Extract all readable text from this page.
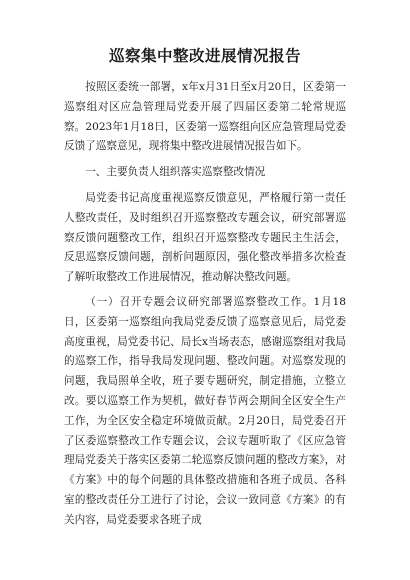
巡察集中整改进展情况报告

按照区委统一部署，x年x月31日至x月20日，区委第一巡察组对区应急管理局党委开展了四届区委第二轮常规巡察。2023年1月18日，区委第一巡察组向区应急管理局党委反馈了巡察意见，现将集中整改进展情况报告如下。

一、主要负责人组织落实巡察整改情况

局党委书记高度重视巡察反馈意见，严格履行第一责任人整改责任，及时组织召开巡察整改专题会议，研究部署巡察反馈问题整改工作，组织召开巡察整改专题民主生活会，反思巡察反馈问题，剖析问题原因，强化整改举措多次检查了解听取整改工作进展情况，推动解决整改问题。

（一）召开专题会议研究部署巡察整改工作。1月18日，区委第一巡察组向我局党委反馈了巡察意见后，局党委高度重视，局党委书记、局长x当场表态，感谢巡察组对我局的巡察工作，指导我局发现问题、整改问题。对巡察发现的问题，我局照单全收，班子要专题研究，制定措施，立整立改。要以巡察工作为契机，做好春节两会期间全区安全生产工作，为全区安全稳定环境做贡献。2月20日，局党委召开了区委巡察整改工作专题会议，会议专题听取了《区应急管理局党委关于落实区委第二轮巡察反馈问题的整改方案》，对《方案》中的每个问题的具体整改措施和各班子成员、各科室的整改责任分工进行了讨论，会议一致同意《方案》的有关内容，局党委要求各班子成
